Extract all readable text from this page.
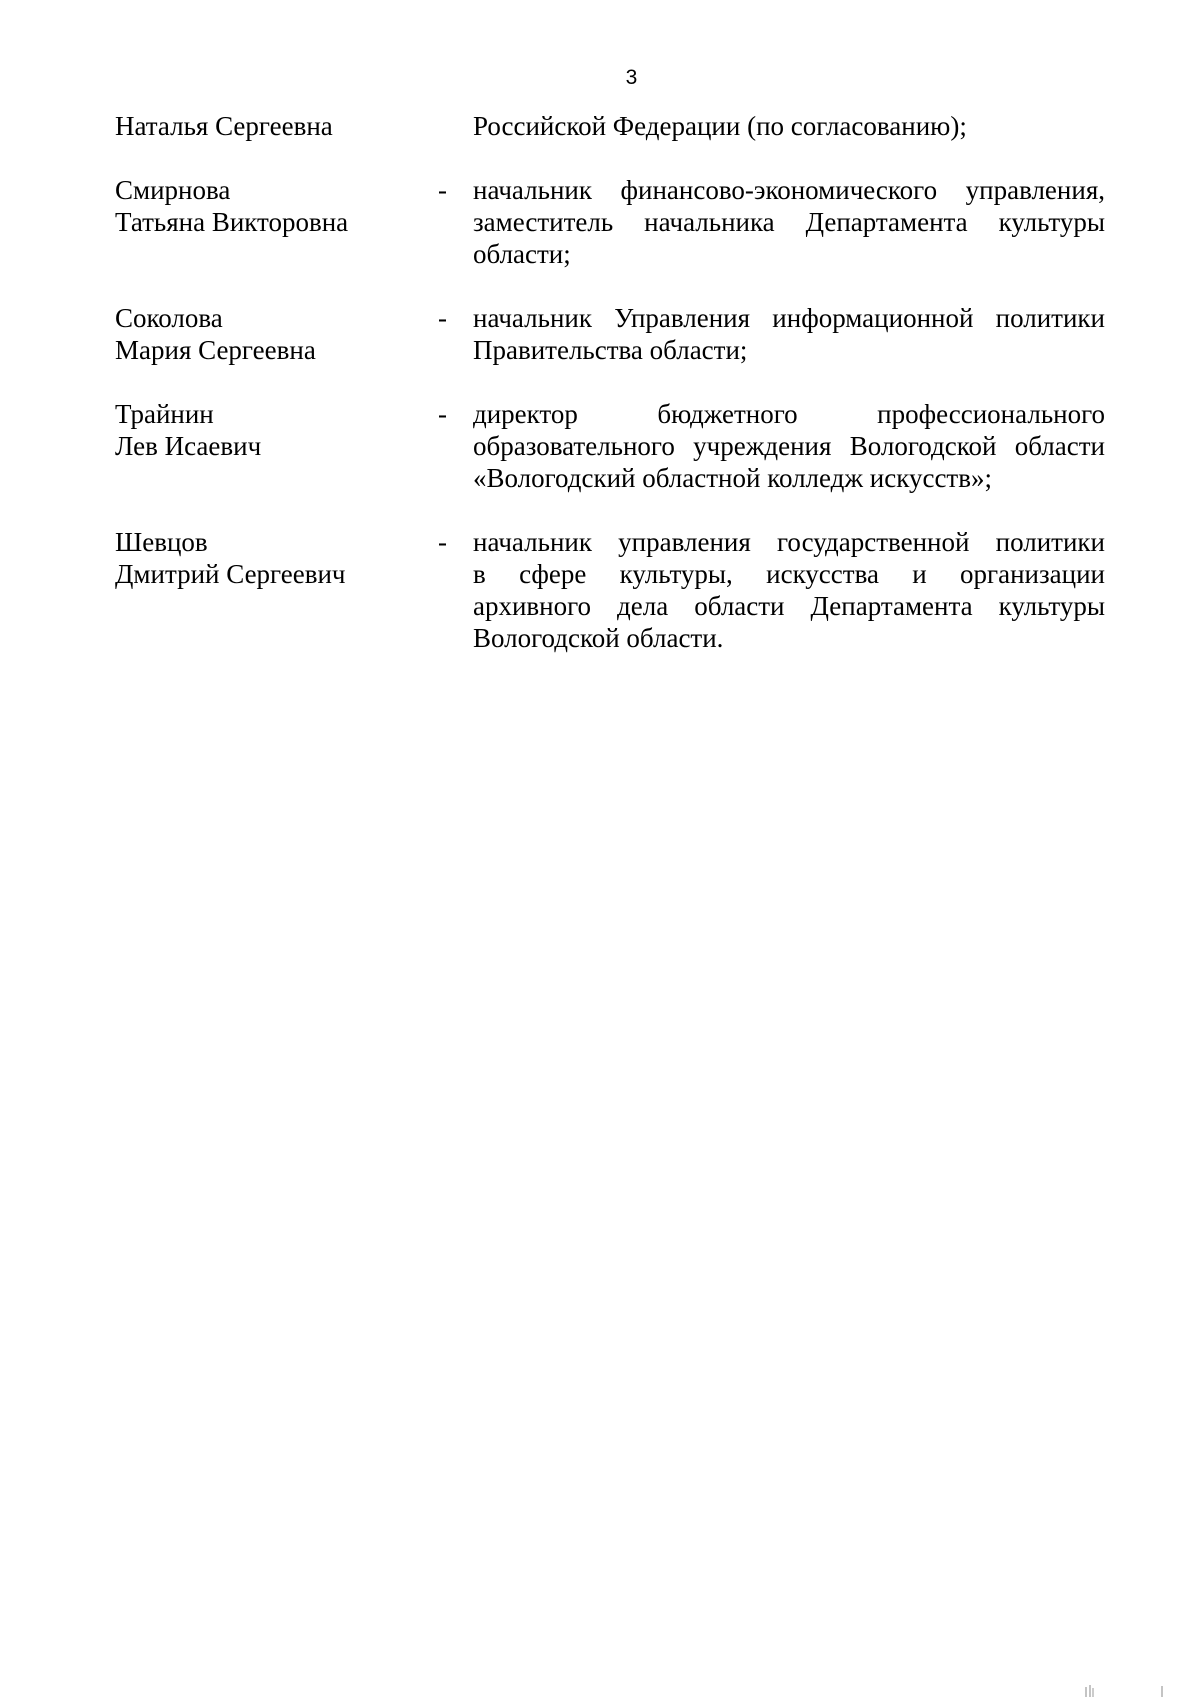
3
Наталья Сергеевна	Российской Федерации (по согласованию);
Смирнова
Татьяна Викторовна
- начальник финансово-экономического управления,
заместитель начальника Департамента культуры
области;
Соколова
Мария Сергеевна
- начальник Управления информационной политики
Правительства области;
Трайнин
Лев Исаевич
- директор бюджетного профессионального
образовательного учреждения Вологодской области
«Вологодский областной колледж искусств»;
Шевцов
Дмитрий Сергеевич
- начальник управления государственной политики
в сфере культуры, искусства и организации
архивного дела области Департамента культуры
Вологодской области.
